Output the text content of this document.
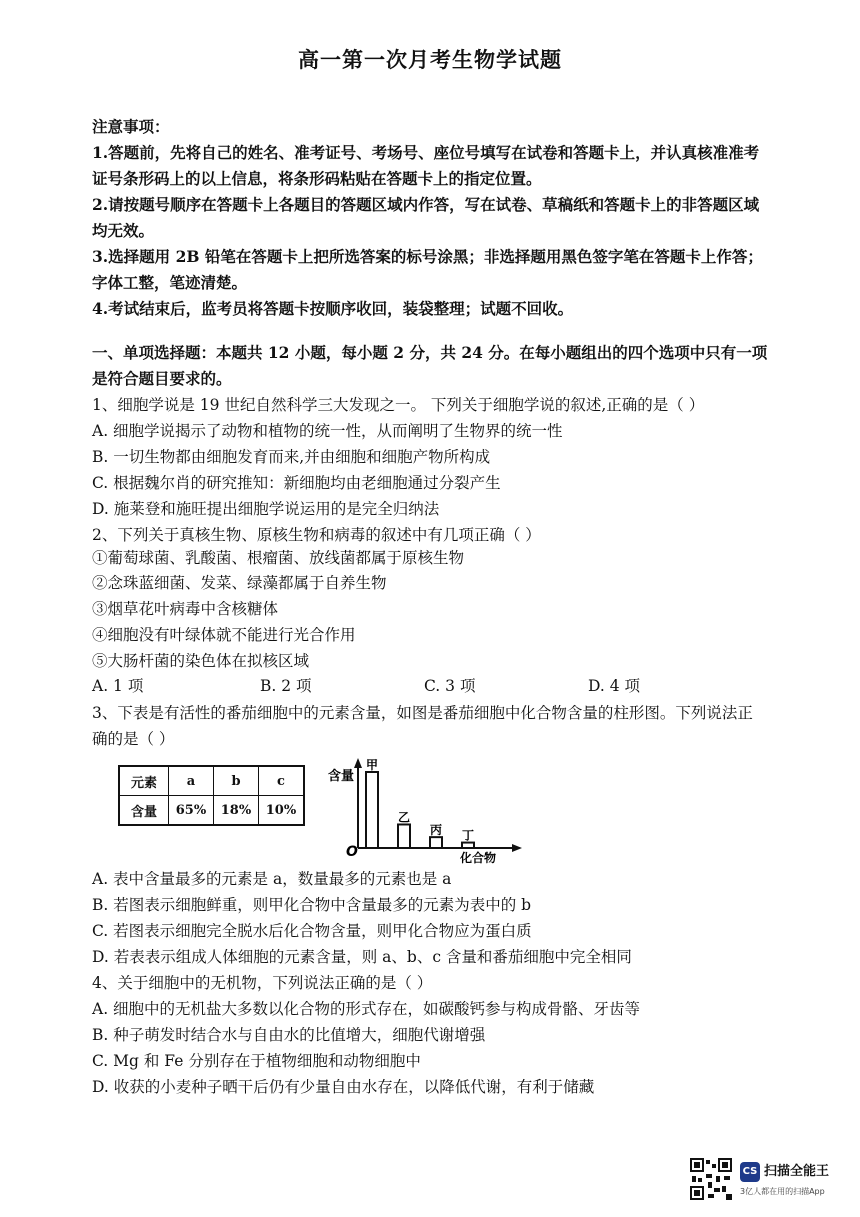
高一第一次月考生物学试题
注意事项：
1.答题前，先将自己的姓名、准考证号、考场号、座位号填写在试卷和答题卡上，并认真核准准考
证号条形码上的以上信息，将条形码粘贴在答题卡上的指定位置。
2.请按题号顺序在答题卡上各题目的答题区域内作答，写在试卷、草稿纸和答题卡上的非答题区域
均无效。
3.选择题用 2B 铅笔在答题卡上把所选答案的标号涂黑；非选择题用黑色签字笔在答题卡上作答；
字体工整，笔迹清楚。
4.考试结束后，监考员将答题卡按顺序收回，装袋整理；试题不回收。
一、单项选择题：本题共 12 小题，每小题 2 分，共 24 分。在每小题组出的四个选项中只有一项
是符合题目要求的。
1、细胞学说是 19 世纪自然科学三大发现之一。 下列关于细胞学说的叙述,正确的是（ ）
A. 细胞学说揭示了动物和植物的统一性，从而阐明了生物界的统一性
B. 一切生物都由细胞发育而来,并由细胞和细胞产物所构成
C. 根据魏尔肖的研究推知：新细胞均由老细胞通过分裂产生
D. 施莱登和施旺提出细胞学说运用的是完全归纳法
2、下列关于真核生物、原核生物和病毒的叙述中有几项正确（ ）
①葡萄球菌、乳酸菌、根瘤菌、放线菌都属于原核生物
②念珠蓝细菌、发菜、绿藻都属于自养生物
③烟草花叶病毒中含核糖体
④细胞没有叶绿体就不能进行光合作用
⑤大肠杆菌的染色体在拟核区域
A. 1 项	B. 2 项	C. 3 项	D. 4 项
3、下表是有活性的番茄细胞中的元素含量，如图是番茄细胞中化合物含量的柱形图。下列说法正
确的是（ ）
元素	a	b	c
含量	65%	18%	10%
含量
O	化合物
甲
乙
丙 丁
A. 表中含量最多的元素是 a，数量最多的元素也是 a
B. 若图表示细胞鲜重，则甲化合物中含量最多的元素为表中的 b
C. 若图表示细胞完全脱水后化合物含量，则甲化合物应为蛋白质
D. 若表表示组成人体细胞的元素含量，则 a、b、c 含量和番茄细胞中完全相同
4、关于细胞中的无机物，下列说法正确的是（ ）
A. 细胞中的无机盐大多数以化合物的形式存在，如碳酸钙参与构成骨骼、牙齿等
B. 种子萌发时结合水与自由水的比值增大，细胞代谢增强
C. Mg 和 Fe 分别存在于植物细胞和动物细胞中
D. 收获的小麦种子晒干后仍有少量自由水存在，以降低代谢，有利于储藏
CS 扫描全能王
3亿人都在用的扫描App
